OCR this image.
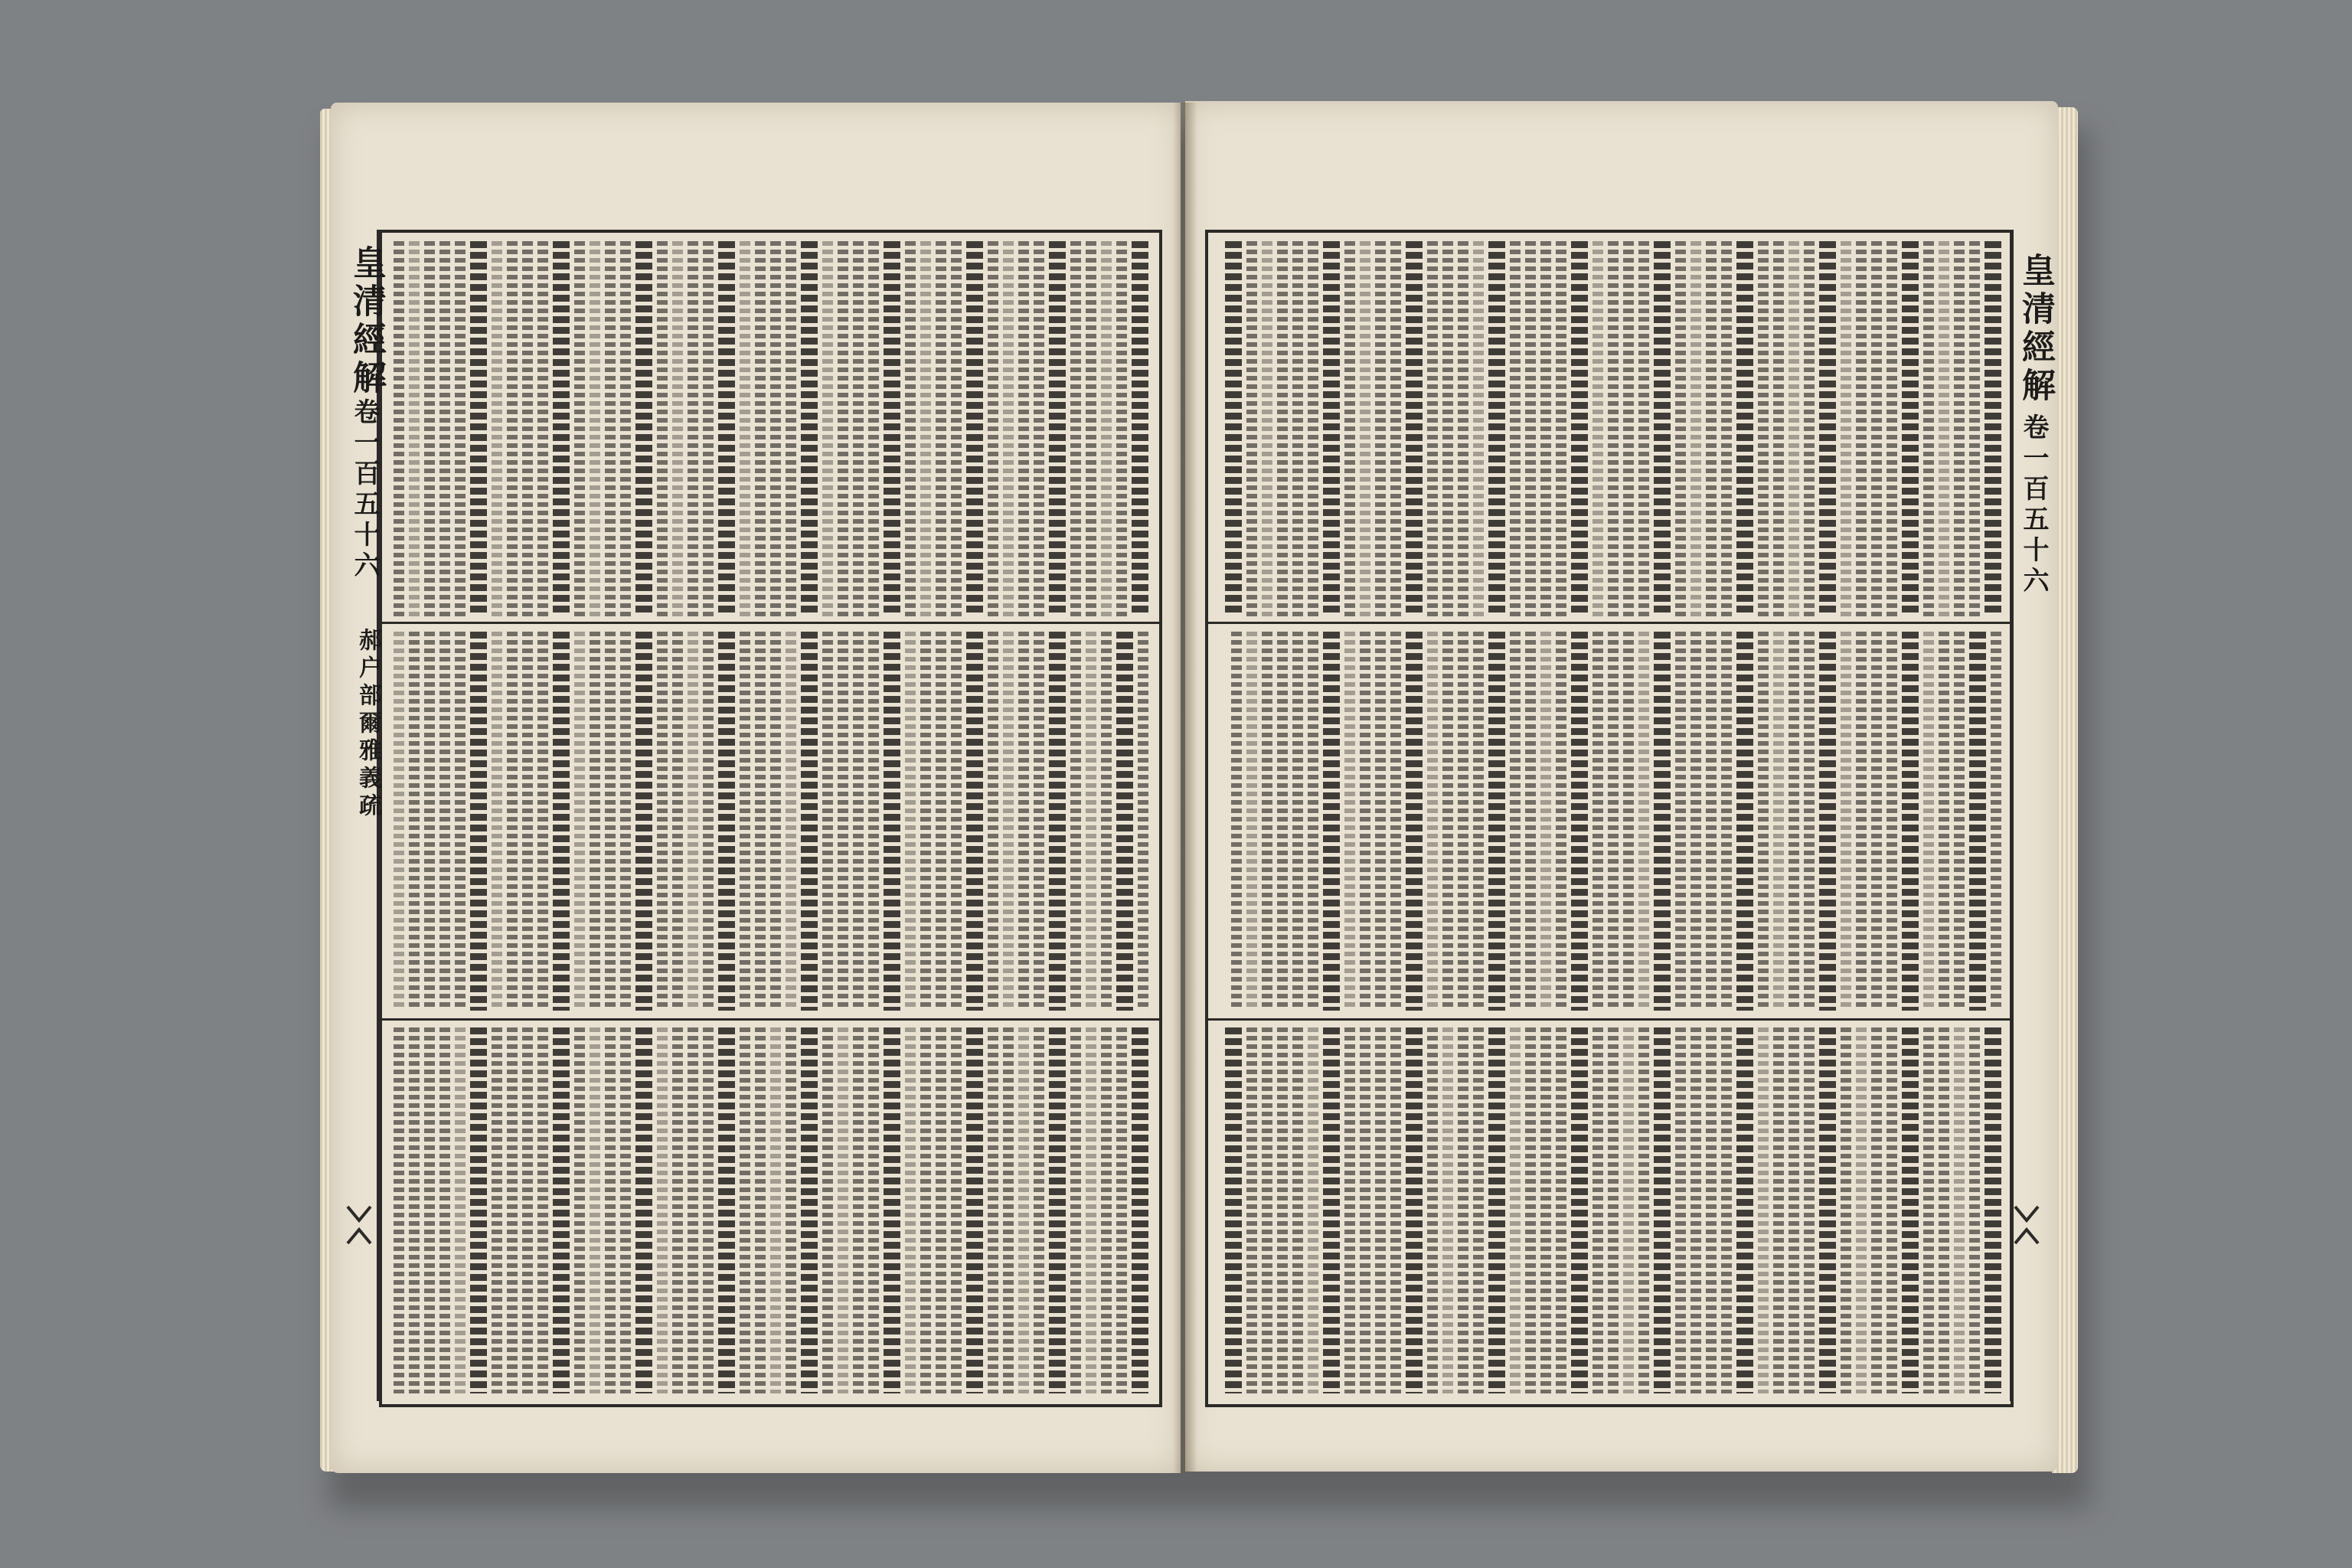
皇清經解
卷一百五十六
郝户部爾雅義疏
皇清經解
卷一百五十六
